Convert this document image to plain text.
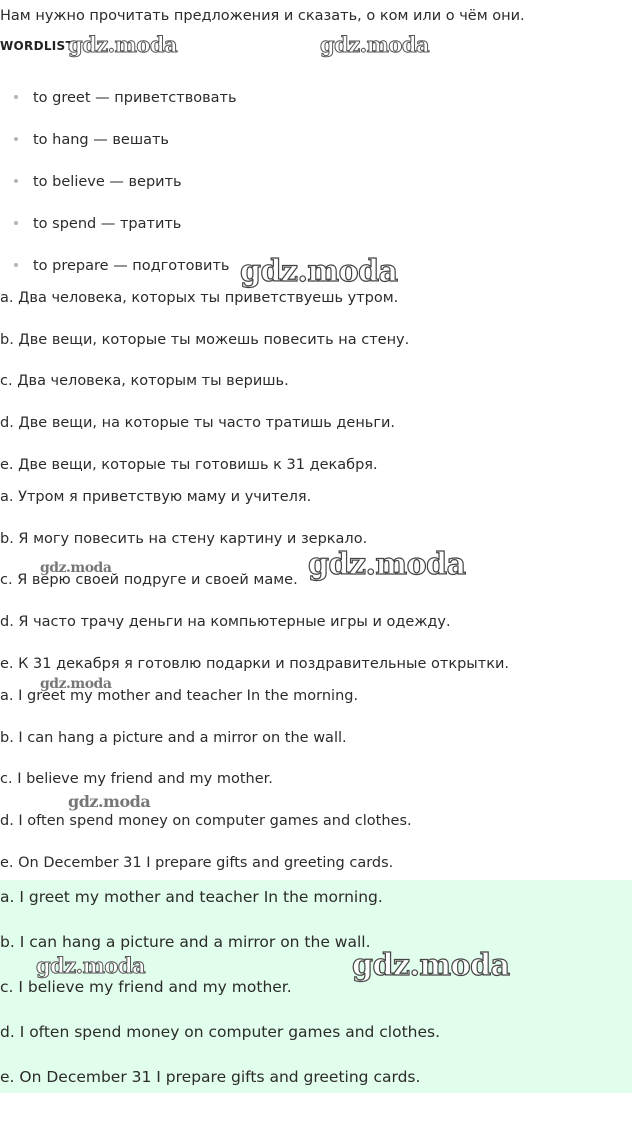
Нам нужно прочитать предложения и сказать, о ком или о чём они.
WORDLIST
to greet — приветствовать
to hang — вешать
to believe — верить
to spend — тратить
to prepare — подготовить
a. Два человека, которых ты приветствуешь утром.
b. Две вещи, которые ты можешь повесить на стену.
c. Два человека, которым ты веришь.
d. Две вещи, на которые ты часто тратишь деньги.
e. Две вещи, которые ты готовишь к 31 декабря.
a. Утром я приветствую маму и учителя.
b. Я могу повесить на стену картину и зеркало.
c. Я верю своей подруге и своей маме.
d. Я часто трачу деньги на компьютерные игры и одежду.
e. К 31 декабря я готовлю подарки и поздравительные открытки.
a. I greet my mother and teacher In the morning.
b. I can hang a picture and a mirror on the wall.
c. I believe my friend and my mother.
d. I often spend money on computer games and clothes.
e. On December 31 I prepare gifts and greeting cards.
a. I greet my mother and teacher In the morning.
b. I can hang a picture and a mirror on the wall.
c. I believe my friend and my mother.
d. I often spend money on computer games and clothes.
e. On December 31 I prepare gifts and greeting cards.
gdz.moda	gdz.moda
gdz.moda
gdz.moda	gdz.moda
gdz.moda
gdz.moda
gdz.moda	gdz.moda
